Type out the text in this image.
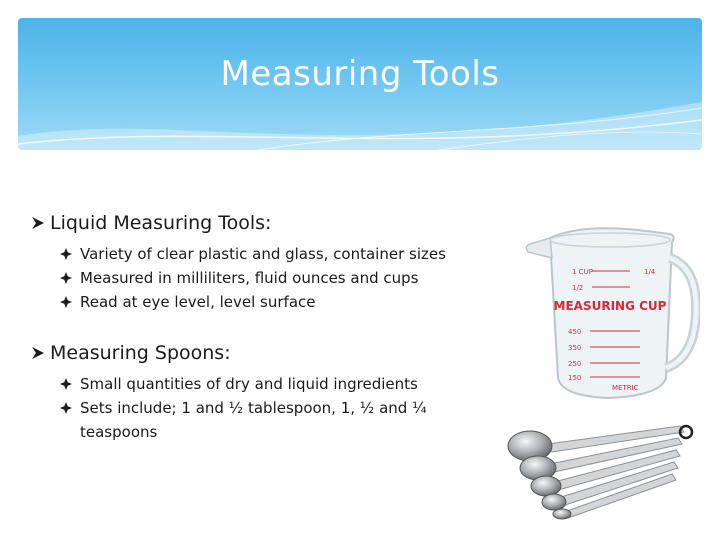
Measuring Tools
Liquid Measuring Tools:
Variety of clear plastic and glass, container sizes
Measured in milliliters, fluid ounces and cups
Read at eye level, level surface
Measuring Spoons:
Small quantities of dry and liquid ingredients
Sets include; 1 and ½ tablespoon, 1, ½ and ¼ teaspoons
MEASURING CUP
450
350
250
150
METRIC
1 CUP
1/2
1/4
